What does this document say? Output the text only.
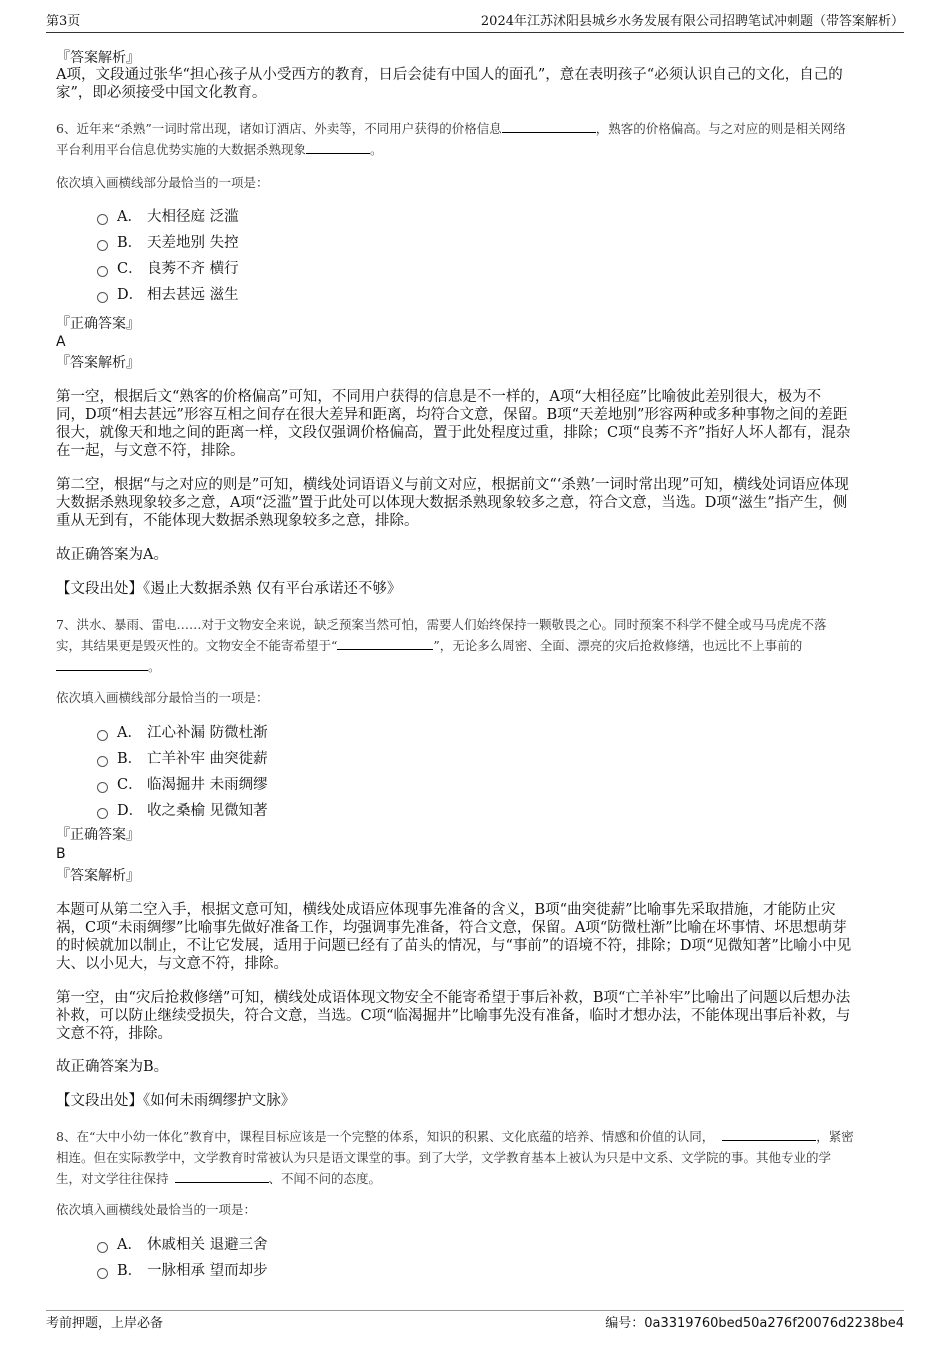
第3页	2024年江苏沭阳县城乡水务发展有限公司招聘笔试冲刺题（带答案解析）
『答案解析』
A项，文段通过张华“担心孩子从小受西方的教育，日后会徒有中国人的面孔”，意在表明孩子“必须认识自己的文化，自己的
家”，即必须接受中国文化教育。
6、近年来“杀熟”一词时常出现，诸如订酒店、外卖等，不同用户获得的价格信息	，熟客的价格偏高。与之对应的则是相关网络
平台利用平台信息优势实施的大数据杀熟现象	。
依次填入画横线部分最恰当的一项是：
A． 大相径庭 泛滥
B． 天差地别 失控
C． 良莠不齐 横行
D． 相去甚远 滋生
『正确答案』
A
『答案解析』
第一空，根据后文“熟客的价格偏高”可知，不同用户获得的信息是不一样的，A项“大相径庭”比喻彼此差别很大，极为不
同，D项“相去甚远”形容互相之间存在很大差异和距离，均符合文意，保留。B项“天差地别”形容两种或多种事物之间的差距
很大，就像天和地之间的距离一样，文段仅强调价格偏高，置于此处程度过重，排除；C项“良莠不齐”指好人坏人都有，混杂
在一起，与文意不符，排除。
第二空，根据“与之对应的则是”可知，横线处词语语义与前文对应，根据前文“‘杀熟’一词时常出现”可知，横线处词语应体现
大数据杀熟现象较多之意，A项“泛滥”置于此处可以体现大数据杀熟现象较多之意，符合文意，当选。D项“滋生”指产生，侧
重从无到有，不能体现大数据杀熟现象较多之意，排除。
故正确答案为A。
【文段出处】《遏止大数据杀熟 仅有平台承诺还不够》
7、洪水、暴雨、雷电……对于文物安全来说，缺乏预案当然可怕，需要人们始终保持一颗敬畏之心。同时预案不科学不健全或马马虎虎不落
实，其结果更是毁灭性的。文物安全不能寄希望于“	”，无论多么周密、全面、漂亮的灾后抢救修缮，也远比不上事前的
。
依次填入画横线部分最恰当的一项是：
A． 江心补漏 防微杜渐
B． 亡羊补牢 曲突徙薪
C． 临渴掘井 未雨绸缪
D． 收之桑榆 见微知著
『正确答案』
B
『答案解析』
本题可从第二空入手，根据文意可知，横线处成语应体现事先准备的含义，B项“曲突徙薪”比喻事先采取措施，才能防止灾
祸，C项“未雨绸缪”比喻事先做好准备工作，均强调事先准备，符合文意，保留。A项“防微杜渐”比喻在坏事情、坏思想萌芽
的时候就加以制止，不让它发展，适用于问题已经有了苗头的情况，与“事前”的语境不符，排除；D项“见微知著”比喻小中见
大、以小见大，与文意不符，排除。
第一空，由“灾后抢救修缮”可知，横线处成语体现文物安全不能寄希望于事后补救，B项“亡羊补牢”比喻出了问题以后想办法
补救，可以防止继续受损失，符合文意，当选。C项“临渴掘井”比喻事先没有准备，临时才想办法，不能体现出事后补救，与
文意不符，排除。
故正确答案为B。
【文段出处】《如何未雨绸缪护文脉》
8、在“大中小幼一体化”教育中，课程目标应该是一个完整的体系，知识的积累、文化底蕴的培养、情感和价值的认同，	，紧密
相连。但在实际教学中，文学教育时常被认为只是语文课堂的事。到了大学，文学教育基本上被认为只是中文系、文学院的事。其他专业的学
生，对文学往往保持	、不闻不问的态度。
依次填入画横线处最恰当的一项是：
A． 休戚相关 退避三舍
B． 一脉相承 望而却步
考前押题，上岸必备	编号：0a3319760bed50a276f20076d2238be4
